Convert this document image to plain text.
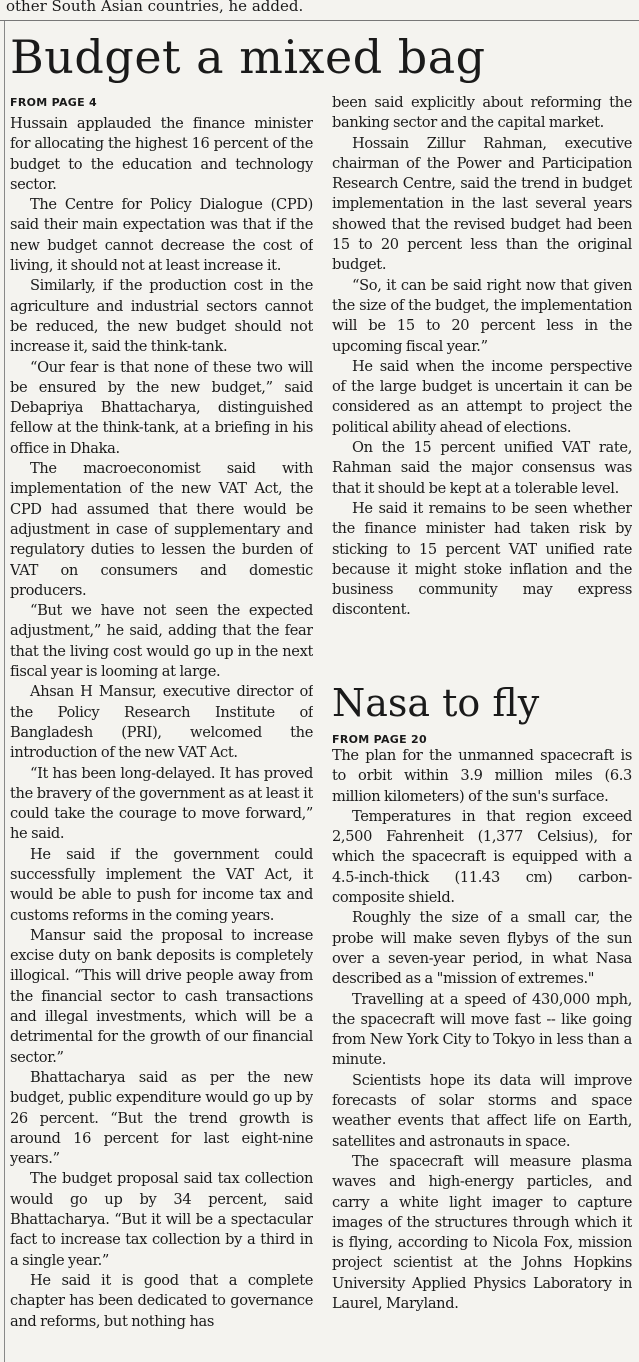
other South Asian countries, he added.
Budget a mixed bag
FROM PAGE 4

Hussain applauded the finance minister for allocating the highest 16 percent of the budget to the education and technology sector.

The Centre for Policy Dialogue (CPD) said their main expectation was that if the new budget cannot decrease the cost of living, it should not at least increase it.

Similarly, if the production cost in the agriculture and industrial sectors cannot be reduced, the new budget should not increase it, said the think-tank.

“Our fear is that none of these two will be ensured by the new budget,” said Debapriya Bhattacharya, distinguished fellow at the think-tank, at a briefing in his office in Dhaka.

The macroeconomist said with implementation of the new VAT Act, the CPD had assumed that there would be adjustment in case of supplementary and regulatory duties to lessen the burden of VAT on consumers and domestic producers.

“But we have not seen the expected adjustment,” he said, adding that the fear that the living cost would go up in the next fiscal year is looming at large.

Ahsan H Mansur, executive director of the Policy Research Institute of Bangladesh (PRI), welcomed the introduction of the new VAT Act.

“It has been long-delayed. It has proved the bravery of the government as at least it could take the courage to move forward,” he said.

He said if the government could successfully implement the VAT Act, it would be able to push for income tax and customs reforms in the coming years.

Mansur said the proposal to increase excise duty on bank deposits is completely illogical. “This will drive people away from the financial sector to cash transactions and illegal investments, which will be a detrimental for the growth of our financial sector.”

Bhattacharya said as per the new budget, public expenditure would go up by 26 percent. “But the trend growth is around 16 percent for last eight-nine years.”

The budget proposal said tax collection would go up by 34 percent, said Bhattacharya. “But it will be a spectacular fact to increase tax collection by a third in a single year.”

He said it is good that a complete chapter has been dedicated to governance and reforms, but nothing has

been said explicitly about reforming the banking sector and the capital market.

Hossain Zillur Rahman, executive chairman of the Power and Participation Research Centre, said the trend in budget implementation in the last several years showed that the revised budget had been 15 to 20 percent less than the original budget.

“So, it can be said right now that given the size of the budget, the implementation will be 15 to 20 percent less in the upcoming fiscal year.”

He said when the income perspective of the large budget is uncertain it can be considered as an attempt to project the political ability ahead of elections.

On the 15 percent unified VAT rate, Rahman said the major consensus was that it should be kept at a tolerable level.

He said it remains to be seen whether the finance minister had taken risk by sticking to 15 percent VAT unified rate because it might stoke inflation and the business community may express discontent.

Nasa to fly
FROM PAGE 20

The plan for the unmanned spacecraft is to orbit within 3.9 million miles (6.3 million kilometers) of the sun's surface.

Temperatures in that region exceed 2,500 Fahrenheit (1,377 Celsius), for which the spacecraft is equipped with a 4.5-inch-thick (11.43 cm) carbon-composite shield.

Roughly the size of a small car, the probe will make seven flybys of the sun over a seven-year period, in what Nasa described as a "mission of extremes."

Travelling at a speed of 430,000 mph, the spacecraft will move fast -- like going from New York City to Tokyo in less than a minute.

Scientists hope its data will improve forecasts of solar storms and space weather events that affect life on Earth, satellites and astronauts in space.

The spacecraft will measure plasma waves and high-energy particles, and carry a white light imager to capture images of the structures through which it is flying, according to Nicola Fox, mission project scientist at the Johns Hopkins University Applied Physics Laboratory in Laurel, Maryland.
